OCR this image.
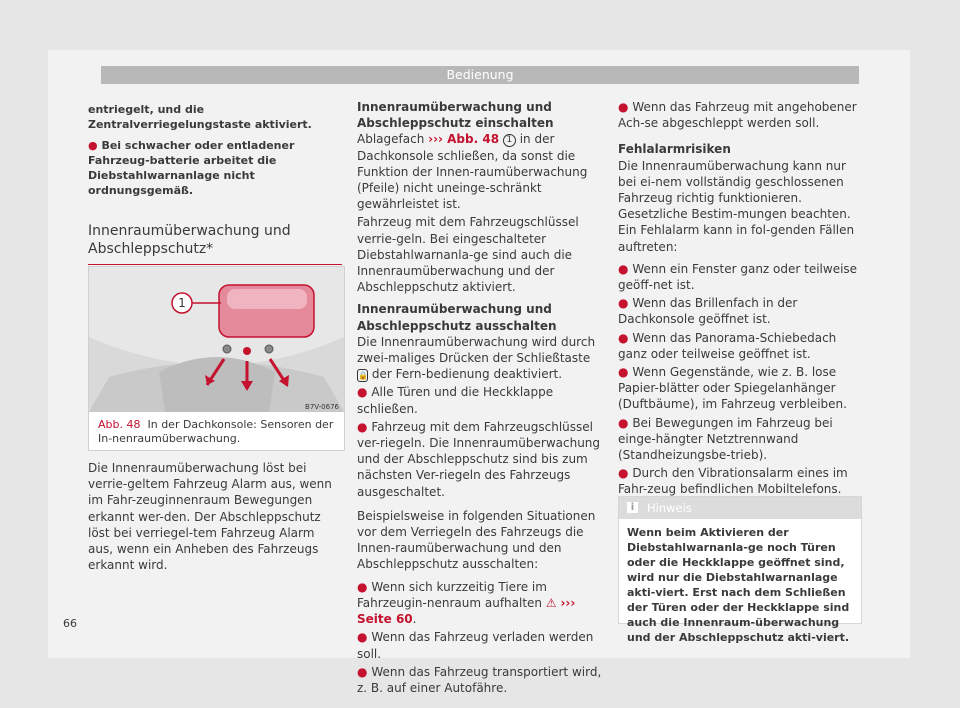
Bedienung

entriegelt, und die Zentralverriegelungstaste aktiviert.

● Bei schwacher oder entladener Fahrzeug-batterie arbeitet die Diebstahlwarnanlage nicht ordnungsgemäß.

Innenraumüberwachung und Abschleppschutz*
1
B7V-0676
Abb. 48 In der Dachkonsole: Sensoren der In-nenraumüberwachung.

Die Innenraumüberwachung löst bei verrie-geltem Fahrzeug Alarm aus, wenn im Fahr-zeuginnenraum Bewegungen erkannt wer-den. Der Abschleppschutz löst bei verriegel-tem Fahrzeug Alarm aus, wenn ein Anheben des Fahrzeugs erkannt wird.

Innenraumüberwachung und Abschleppschutz einschalten

Ablagefach ››› Abb. 48 1 in der Dachkonsole schließen, da sonst die Funktion der Innen-raumüberwachung (Pfeile) nicht uneinge-schränkt gewährleistet ist.

Fahrzeug mit dem Fahrzeugschlüssel verrie-geln. Bei eingeschalteter Diebstahlwarnanla-ge sind auch die Innenraumüberwachung und der Abschleppschutz aktiviert.

Innenraumüberwachung und Abschleppschutz ausschalten

Die Innenraumüberwachung wird durch zwei-maliges Drücken der Schließtaste 🔒 der Fern-bedienung deaktiviert.

● Alle Türen und die Heckklappe schließen.

● Fahrzeug mit dem Fahrzeugschlüssel ver-riegeln. Die Innenraumüberwachung und der Abschleppschutz sind bis zum nächsten Ver-riegeln des Fahrzeugs ausgeschaltet.

Beispielsweise in folgenden Situationen vor dem Verriegeln des Fahrzeugs die Innen-raumüberwachung und den Abschleppschutz ausschalten:

● Wenn sich kurzzeitig Tiere im Fahrzeugin-nenraum aufhalten ⚠ ››› Seite 60.

● Wenn das Fahrzeug verladen werden soll.

● Wenn das Fahrzeug transportiert wird, z. B. auf einer Autofähre.

● Wenn das Fahrzeug mit angehobener Ach-se abgeschleppt werden soll.

Fehlalarmrisiken

Die Innenraumüberwachung kann nur bei ei-nem vollständig geschlossenen Fahrzeug richtig funktionieren. Gesetzliche Bestim-mungen beachten. Ein Fehlalarm kann in fol-genden Fällen auftreten:

● Wenn ein Fenster ganz oder teilweise geöff-net ist.

● Wenn das Brillenfach in der Dachkonsole geöffnet ist.

● Wenn das Panorama-Schiebedach ganz oder teilweise geöffnet ist.

● Wenn Gegenstände, wie z. B. lose Papier-blätter oder Spiegelanhänger (Duftbäume), im Fahrzeug verbleiben.

● Bei Bewegungen im Fahrzeug bei einge-hängter Netztrennwand (Standheizungsbe-trieb).

● Durch den Vibrationsalarm eines im Fahr-zeug befindlichen Mobiltelefons.

i	Hinweis
Wenn beim Aktivieren der Diebstahlwarnanla-ge noch Türen oder die Heckklappe geöffnet sind, wird nur die Diebstahlwarnanlage akti-viert. Erst nach dem Schließen der Türen oder der Heckklappe sind auch die Innenraum-überwachung und der Abschleppschutz akti-viert.
66
